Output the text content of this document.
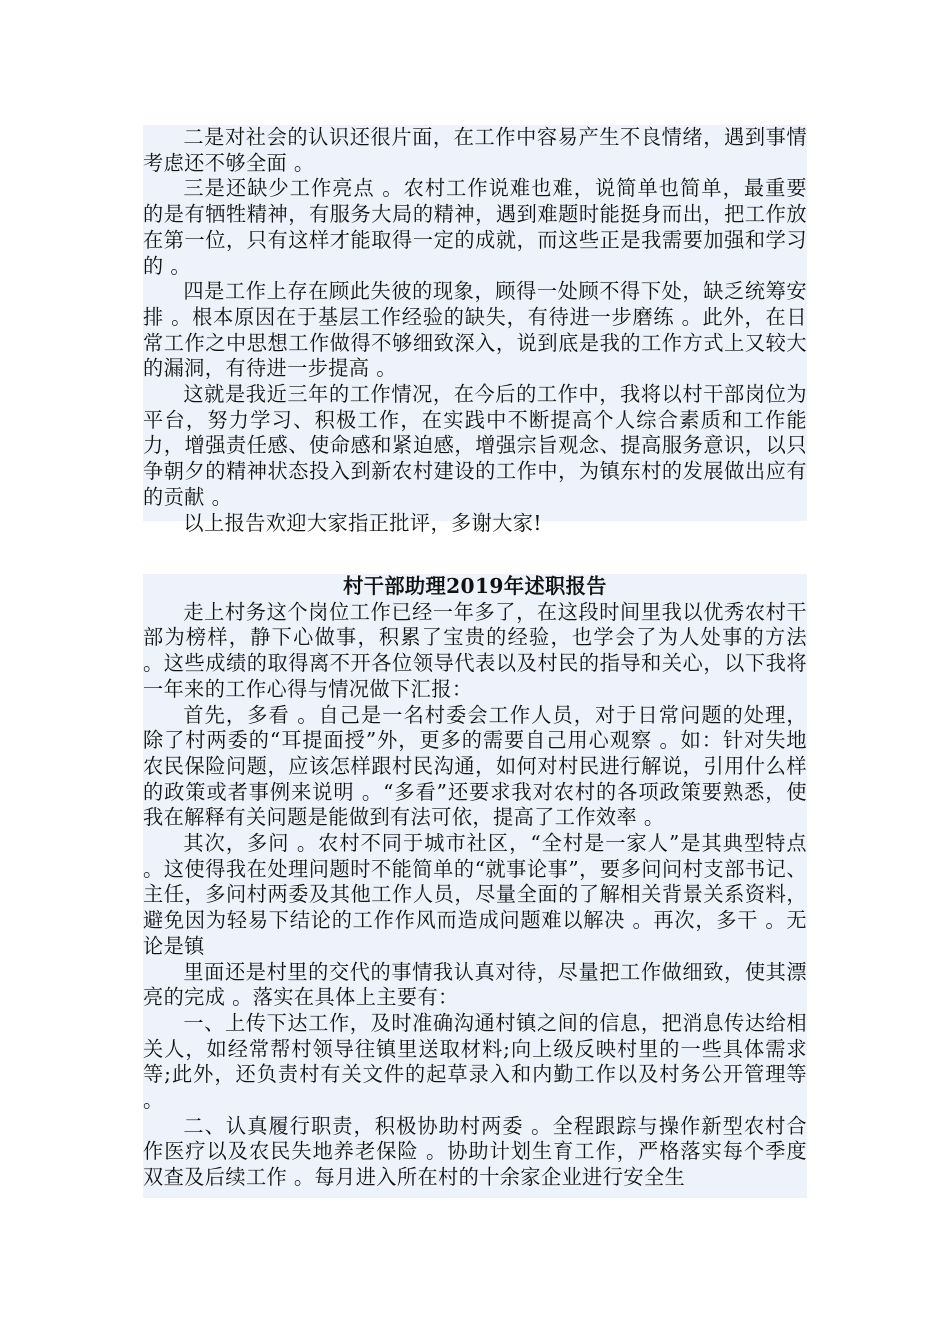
二是对社会的认识还很片面，在工作中容易产生不良情绪，遇到事情考虑还不够全面 。

三是还缺少工作亮点 。农村工作说难也难，说简单也简单，最重要的是有牺牲精神，有服务大局的精神，遇到难题时能挺身而出，把工作放在第一位，只有这样才能取得一定的成就，而这些正是我需要加强和学习的 。

四是工作上存在顾此失彼的现象，顾得一处顾不得下处，缺乏统筹安排 。根本原因在于基层工作经验的缺失，有待进一步磨练 。此外，在日常工作之中思想工作做得不够细致深入，说到底是我的工作方式上又较大的漏洞，有待进一步提高 。

这就是我近三年的工作情况，在今后的工作中，我将以村干部岗位为平台，努力学习、积极工作，在实践中不断提高个人综合素质和工作能力，增强责任感、使命感和紧迫感，增强宗旨观念、提高服务意识，以只争朝夕的精神状态投入到新农村建设的工作中，为镇东村的发展做出应有的贡献 。

以上报告欢迎大家指正批评，多谢大家!

村干部助理2019年述职报告

走上村务这个岗位工作已经一年多了，在这段时间里我以优秀农村干部为榜样，静下心做事，积累了宝贵的经验，也学会了为人处事的方法 。这些成绩的取得离不开各位领导代表以及村民的指导和关心，以下我将一年来的工作心得与情况做下汇报：

首先，多看 。自己是一名村委会工作人员，对于日常问题的处理，除了村两委的“耳提面授”外，更多的需要自己用心观察 。如：针对失地农民保险问题，应该怎样跟村民沟通，如何对村民进行解说，引用什么样的政策或者事例来说明 。“多看”还要求我对农村的各项政策要熟悉，使我在解释有关问题是能做到有法可依，提高了工作效率 。

其次，多问 。农村不同于城市社区，“全村是一家人”是其典型特点 。这使得我在处理问题时不能简单的“就事论事”，要多问问村支部书记、主任，多问村两委及其他工作人员，尽量全面的了解相关背景关系资料，避免因为轻易下结论的工作作风而造成问题难以解决 。再次，多干 。无论是镇

里面还是村里的交代的事情我认真对待，尽量把工作做细致，使其漂亮的完成 。落实在具体上主要有：

一、上传下达工作，及时准确沟通村镇之间的信息，把消息传达给相关人，如经常帮村领导往镇里送取材料;向上级反映村里的一些具体需求等;此外，还负责村有关文件的起草录入和内勤工作以及村务公开管理等 。

二、认真履行职责，积极协助村两委 。全程跟踪与操作新型农村合作医疗以及农民失地养老保险 。协助计划生育工作，严格落实每个季度双查及后续工作 。每月进入所在村的十余家企业进行安全生
